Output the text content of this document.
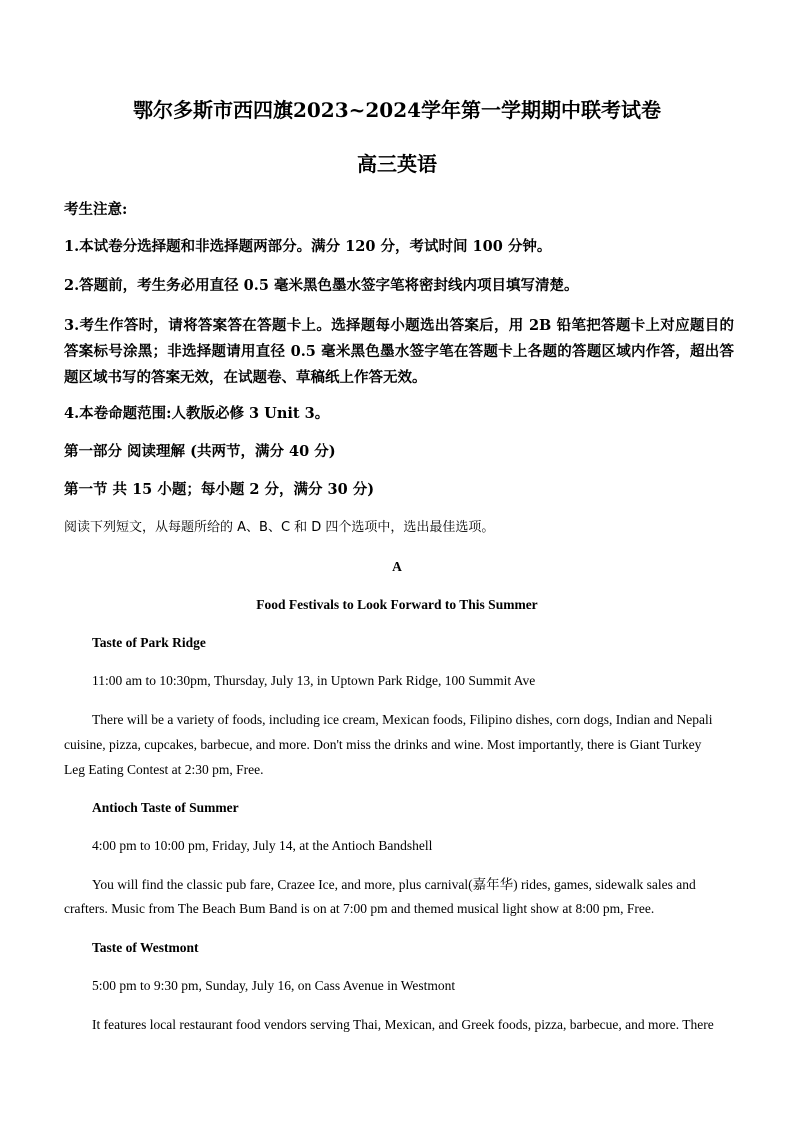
鄂尔多斯市西四旗2023~2024学年第一学期期中联考试卷
高三英语
考生注意:
1.本试卷分选择题和非选择题两部分。满分 120 分，考试时间 100 分钟。
2.答题前，考生务必用直径 0.5 毫米黑色墨水签字笔将密封线内项目填写清楚。
3.考生作答时，请将答案答在答题卡上。选择题每小题选出答案后，用 2B 铅笔把答题卡上对应题目的答案标号涂黑；非选择题请用直径 0.5 毫米黑色墨水签字笔在答题卡上各题的答题区域内作答，超出答题区域书写的答案无效，在试题卷、草稿纸上作答无效。
4.本卷命题范围:人教版必修 3 Unit 3。
第一部分 阅读理解 (共两节，满分 40 分)
第一节 共 15 小题；每小题 2 分，满分 30 分)
阅读下列短文，从每题所给的 A、B、C 和 D 四个选项中，选出最佳选项。
A
Food Festivals to Look Forward to This Summer
Taste of Park Ridge
11:00 am to 10:30pm, Thursday, July 13, in Uptown Park Ridge, 100 Summit Ave
There will be a variety of foods, including ice cream, Mexican foods, Filipino dishes, corn dogs, Indian and Nepali
cuisine, pizza, cupcakes, barbecue, and more. Don't miss the drinks and wine. Most importantly, there is Giant Turkey
Leg Eating Contest at 2:30 pm, Free.
Antioch Taste of Summer
4:00 pm to 10:00 pm, Friday, July 14, at the Antioch Bandshell
You will find the classic pub fare, Crazee Ice, and more, plus carnival(嘉年华) rides, games, sidewalk sales and
crafters. Music from The Beach Bum Band is on at 7:00 pm and themed musical light show at 8:00 pm, Free.
Taste of Westmont
5:00 pm to 9:30 pm, Sunday, July 16, on Cass Avenue in Westmont
It features local restaurant food vendors serving Thai, Mexican, and Greek foods, pizza, barbecue, and more. There
